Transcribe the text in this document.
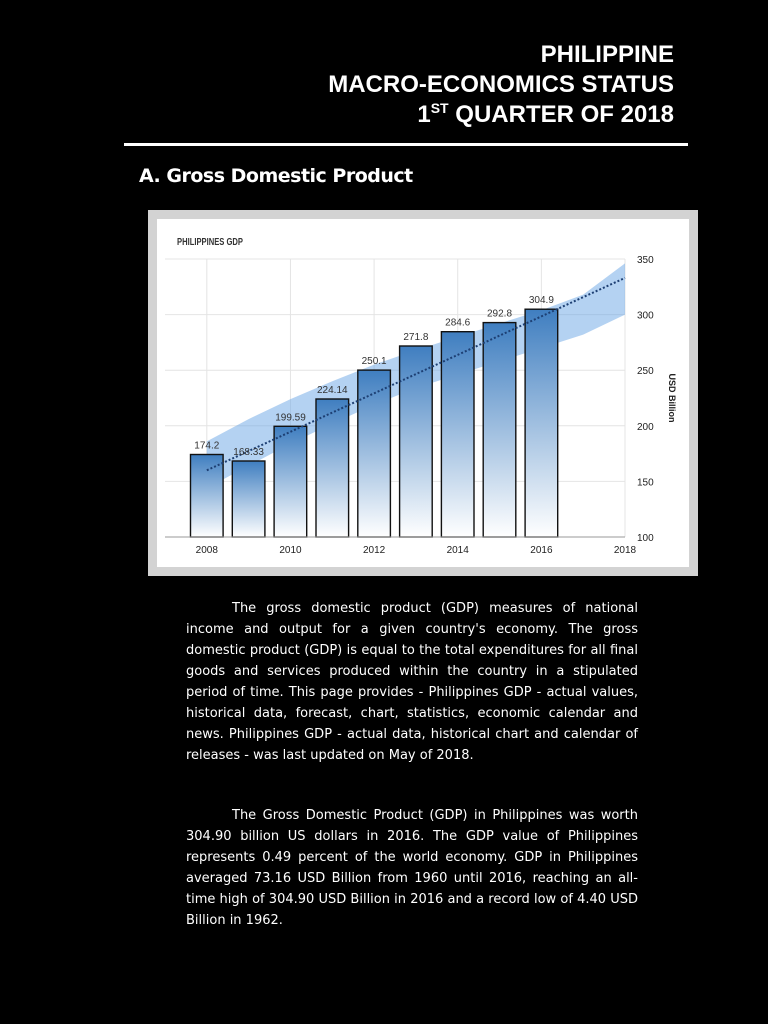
PHILIPPINE
MACRO-ECONOMICS STATUS
1ST QUARTER OF 2018
A. Gross Domestic Product
174.2
168.33
199.59
224.14
250.1
271.8
284.6
292.8
304.9
2008	2010	2012	2014	2016	2018
100
150
200
250
300
350
PHILIPPINES GDP
USD Billion

The gross domestic product (GDP) measures of national income and output for a given country's economy. The gross domestic product (GDP) is equal to the total expenditures for all final goods and services produced within the country in a stipulated period of time. This page provides - Philippines GDP - actual values, historical data, forecast, chart, statistics, economic calendar and news. Philippines GDP - actual data, historical chart and calendar of releases - was last updated on May of 2018.

The Gross Domestic Product (GDP) in Philippines was worth 304.90 billion US dollars in 2016. The GDP value of Philippines represents 0.49 percent of the world economy. GDP in Philippines averaged 73.16 USD Billion from 1960 until 2016, reaching an all-time high of 304.90 USD Billion in 2016 and a record low of 4.40 USD Billion in 1962.
